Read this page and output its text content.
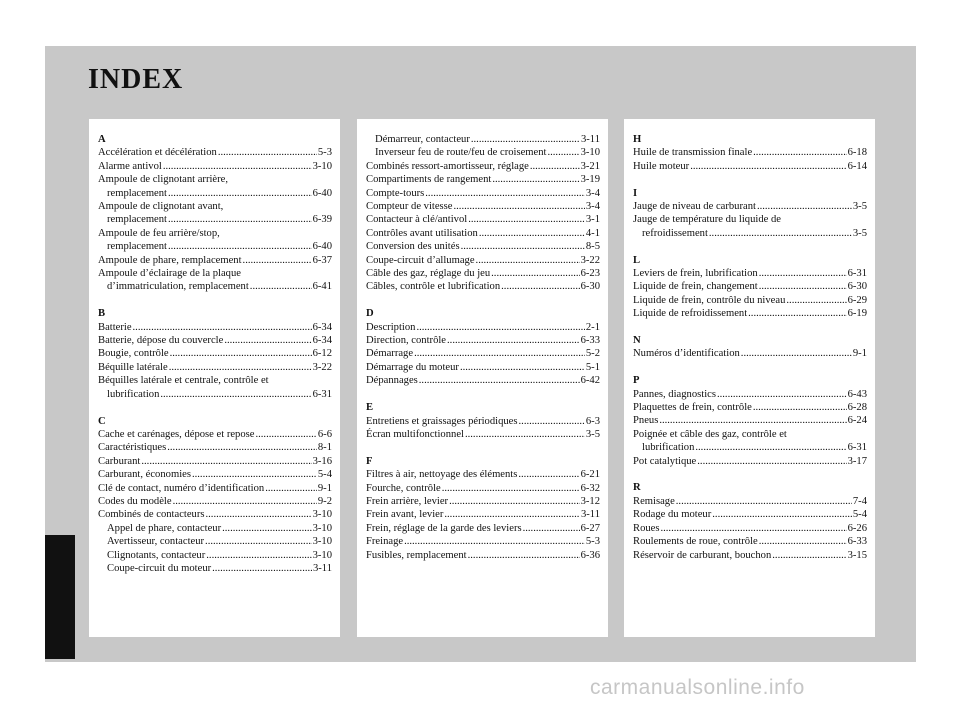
INDEX
A
Accélération et décélération .....	5-3
Alarme antivol .....	3-10
Ampoule de clignotant arrière,
remplacement .....	6-40
Ampoule de clignotant avant,
remplacement .....	6-39
Ampoule de feu arrière/stop,
remplacement .....	6-40
Ampoule de phare, remplacement .....	6-37
Ampoule d’éclairage de la plaque
d’immatriculation, remplacement .....	6-41
B
Batterie .....	6-34
Batterie, dépose du couvercle .....	6-34
Bougie, contrôle .....	6-12
Béquille latérale .....	3-22
Béquilles latérale et centrale, contrôle et
lubrification .....	6-31
C
Cache et carénages, dépose et repose .....	6-6
Caractéristiques .....	8-1
Carburant .....	3-16
Carburant, économies .....	5-4
Clé de contact, numéro d’identification .....	9-1
Codes du modèle .....	9-2
Combinés de contacteurs .....	3-10
Appel de phare, contacteur .....	3-10
Avertisseur, contacteur .....	3-10
Clignotants, contacteur .....	3-10
Coupe-circuit du moteur .....	3-11
Démarreur, contacteur .....	3-11
Inverseur feu de route/feu de croisement .....	3-10
Combinés ressort-amortisseur, réglage .....	3-21
Compartiments de rangement .....	3-19
Compte-tours .....	3-4
Compteur de vitesse .....	3-4
Contacteur à clé/antivol .....	3-1
Contrôles avant utilisation .....	4-1
Conversion des unités .....	8-5
Coupe-circuit d’allumage .....	3-22
Câble des gaz, réglage du jeu .....	6-23
Câbles, contrôle et lubrification .....	6-30
D
Description .....	2-1
Direction, contrôle .....	6-33
Démarrage .....	5-2
Démarrage du moteur .....	5-1
Dépannages .....	6-42
E
Entretiens et graissages périodiques .....	6-3
Écran multifonctionnel .....	3-5
F
Filtres à air, nettoyage des éléments .....	6-21
Fourche, contrôle .....	6-32
Frein arrière, levier .....	3-12
Frein avant, levier .....	3-11
Frein, réglage de la garde des leviers .....	6-27
Freinage .....	5-3
Fusibles, remplacement .....	6-36
H
Huile de transmission finale .....	6-18
Huile moteur .....	6-14
I
Jauge de niveau de carburant .....	3-5
Jauge de température du liquide de
refroidissement .....	3-5
L
Leviers de frein, lubrification .....	6-31
Liquide de frein, changement .....	6-30
Liquide de frein, contrôle du niveau .....	6-29
Liquide de refroidissement .....	6-19
N
Numéros d’identification .....	9-1
P
Pannes, diagnostics .....	6-43
Plaquettes de frein, contrôle .....	6-28
Pneus .....	6-24
Poignée et câble des gaz, contrôle et
lubrification .....	6-31
Pot catalytique .....	3-17
R
Remisage .....	7-4
Rodage du moteur .....	5-4
Roues .....	6-26
Roulements de roue, contrôle .....	6-33
Réservoir de carburant, bouchon .....	3-15
carmanualsonline.info
